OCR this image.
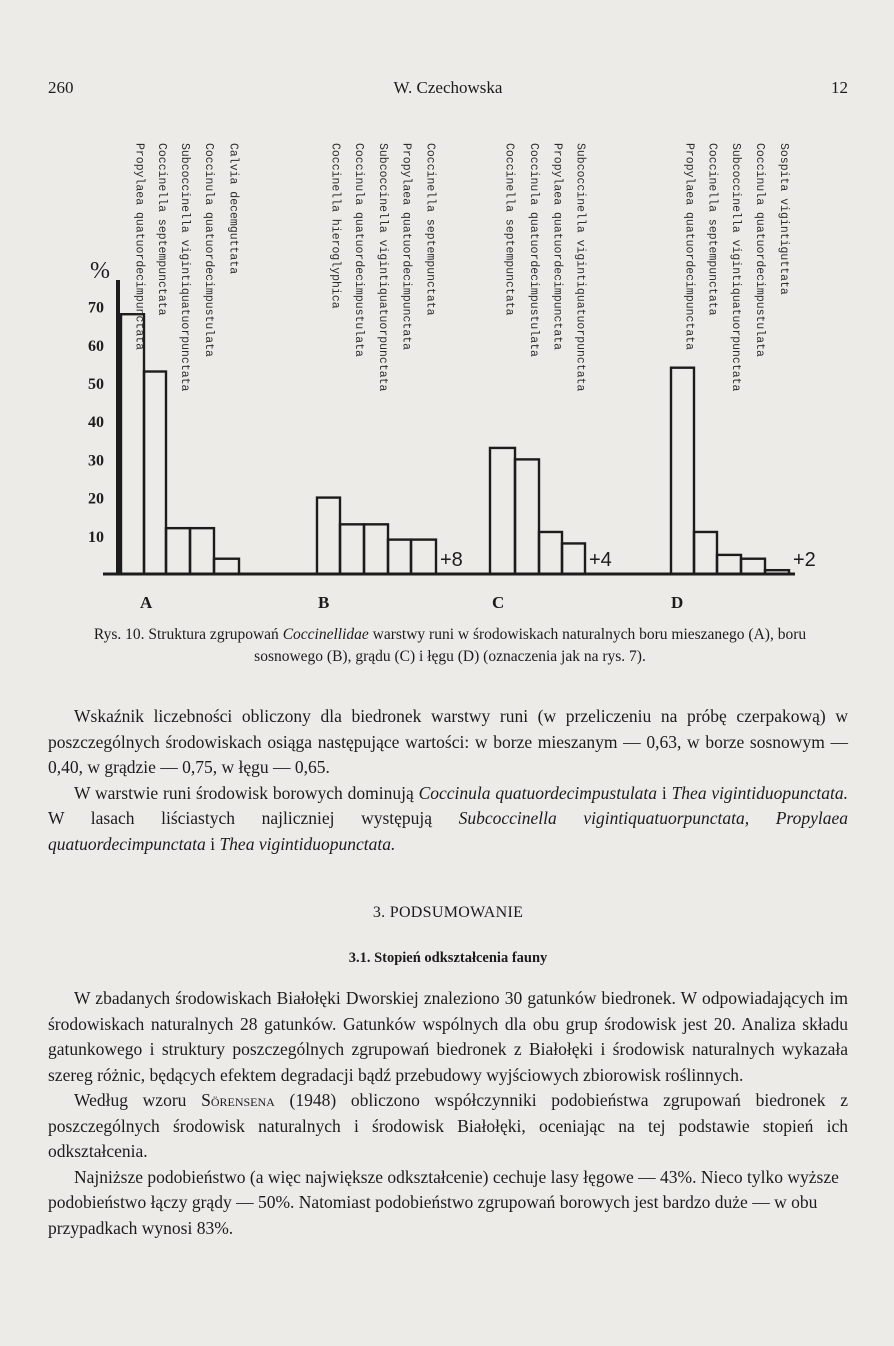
260	W. Czechowska	12
%
10
20
30
40
50
60
70 Propylaea quatuordecimpunctata Coccinella septempunctata Subcoccinella vigintiquatuorpunctata Coccinula quatuordecimpustulata Calvia decemguttata
A
Coccinella hieroglyphica Coccinula quatuordecimpustulata Subcoccinella vigintiquatuorpunctata Propylaea quatuordecimpunctata Coccinella septempunctata
B
+8
Coccinella septempunctata Coccinula quatuordecimpustulata Propylaea quatuordecimpunctata Subcoccinella vigintiquatuorpunctata
C
+4
Propylaea quatuordecimpunctata Coccinella septempunctata Subcoccinella vigintiquatuorpunctata Coccinula quatuordecimpustulata Sospita vigintiguttata
D
+2
Rys. 10. Struktura zgrupowań Coccinellidae warstwy runi w środowiskach naturalnych boru mieszanego (A), boru sosnowego (B), grądu (C) i łęgu (D) (oznaczenia jak na rys. 7).

Wskaźnik liczebności obliczony dla biedronek warstwy runi (w przeliczeniu na próbę czerpakową) w poszczególnych środowiskach osiąga następujące wartości: w borze mieszanym — 0,63, w borze sosnowym — 0,40, w grądzie — 0,75, w łęgu — 0,65.

W warstwie runi środowisk borowych dominują Coccinula quatuordecimpustulata i Thea vigintiduopunctata. W lasach liściastych najliczniej występują Subcoccinella vigintiquatuorpunctata, Propylaea quatuordecimpunctata i Thea vigintiduopunctata.

3. PODSUMOWANIE
3.1. Stopień odkształcenia fauny

W zbadanych środowiskach Białołęki Dworskiej znaleziono 30 gatunków biedronek. W odpowiadających im środowiskach naturalnych 28 gatunków. Gatunków wspólnych dla obu grup środowisk jest 20. Analiza składu gatunkowego i struktury poszczególnych zgrupowań biedronek z Białołęki i środowisk naturalnych wykazała szereg różnic, będących efektem degradacji bądź przebudowy wyjściowych zbiorowisk roślinnych.

Według wzoru Sörensena (1948) obliczono współczynniki podobieństwa zgrupowań biedronek z poszczególnych środowisk naturalnych i środowisk Białołęki, oceniając na tej podstawie stopień ich odkształcenia.

Najniższe podobieństwo (a więc największe odkształcenie) cechuje lasy łęgowe — 43%. Nieco tylko wyższe podobieństwo łączy grądy — 50%. Natomiast podobieństwo zgrupowań borowych jest bardzo duże — w obu przypadkach wynosi 83%.
